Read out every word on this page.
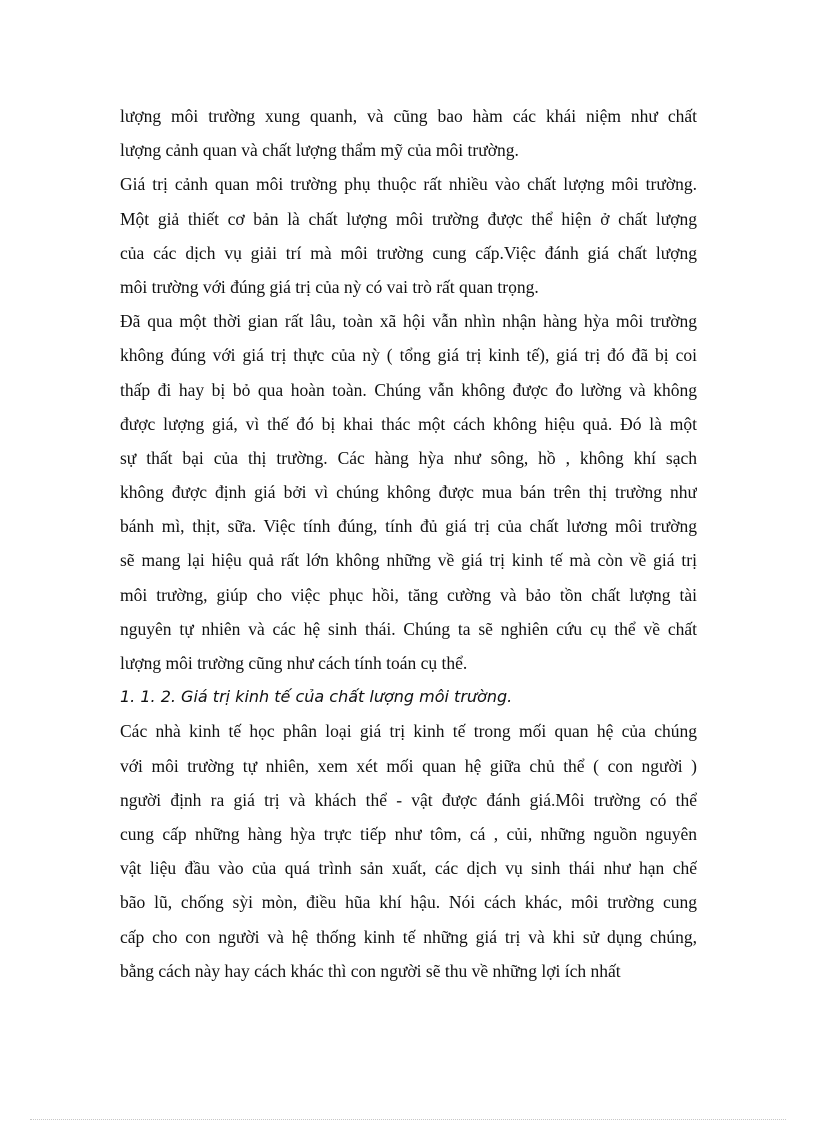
lượng môi trường xung quanh, và cũng bao hàm các khái niệm như chất
lượng cảnh quan và chất lượng thẩm mỹ của môi trường.
Giá trị cảnh quan môi trường phụ thuộc rất nhiều vào chất lượng môi trường.
Một giả thiết cơ bản là chất lượng môi trường được thể hiện ở chất lượng
của các dịch vụ giải trí mà môi trường cung cấp.Việc đánh giá chất lượng
môi trường với đúng giá trị của nỳ có vai trò rất quan trọng.
Đã qua một thời gian rất lâu, toàn xã hội vẫn nhìn nhận hàng hỳa môi trường
không đúng với giá trị thực của nỳ ( tổng giá trị kinh tế), giá trị đó đã bị coi
thấp đi hay bị bỏ qua hoàn toàn. Chúng vẫn không được đo lường và không
được lượng giá, vì thế đó bị khai thác một cách không hiệu quả. Đó là một
sự thất bại của thị trường. Các hàng hỳa như sông, hồ , không khí sạch
không được định giá bởi vì chúng không được mua bán trên thị trường như
bánh mì, thịt, sữa. Việc tính đúng, tính đủ giá trị của chất lương môi trường
sẽ mang lại hiệu quả rất lớn không những về giá trị kinh tế mà còn về giá trị
môi trường, giúp cho việc phục hồi, tăng cường và bảo tồn chất lượng tài
nguyên tự nhiên và các hệ sinh thái. Chúng ta sẽ nghiên cứu cụ thể về chất
lượng môi trường cũng như cách tính toán cụ thể.
1. 1. 2. Giá trị kinh tế của chất lượng môi trường.
Các nhà kinh tế học phân loại giá trị kinh tế trong mối quan hệ của chúng
với môi trường tự nhiên, xem xét mối quan hệ giữa chủ thể ( con người )
người định ra giá trị và khách thể - vật được đánh giá.Môi trường có thể
cung cấp những hàng hỳa trực tiếp như tôm, cá , củi, những nguồn nguyên
vật liệu đầu vào của quá trình sản xuất, các dịch vụ sinh thái như hạn chế
bão lũ, chống sỳi mòn, điều hũa khí hậu. Nói cách khác, môi trường cung
cấp cho con người và hệ thống kinh tế những giá trị và khi sử dụng chúng,
bằng cách này hay cách khác thì con người sẽ thu về những lợi ích nhất
